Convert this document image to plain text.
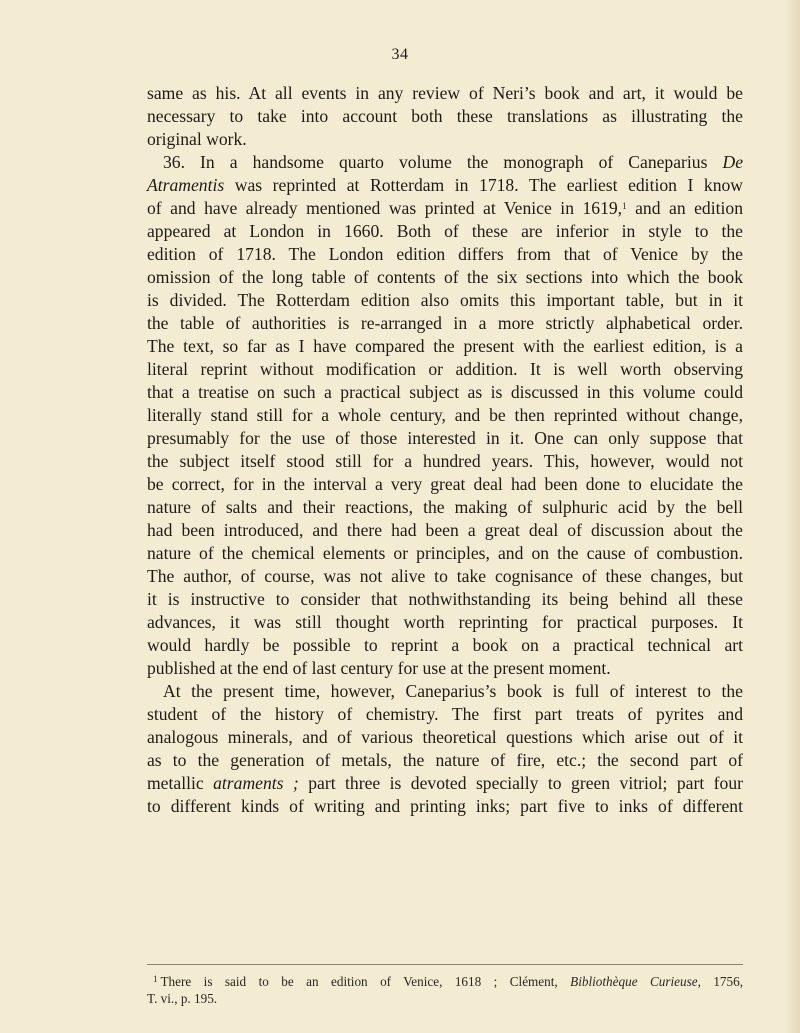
34
same as his. At all events in any review of Neri’s book and art, it would be
necessary to take into account both these translations as illustrating the
original work.
36. In a handsome quarto volume the monograph of Caneparius De
Atramentis was reprinted at Rotterdam in 1718. The earliest edition I know
of and have already mentioned was printed at Venice in 1619,$^1$ and an edition
appeared at London in 1660. Both of these are inferior in style to the
edition of 1718. The London edition differs from that of Venice by the
omission of the long table of contents of the six sections into which the book
is divided. The Rotterdam edition also omits this important table, but in it
the table of authorities is re-arranged in a more strictly alphabetical order.
The text, so far as I have compared the present with the earliest edition, is a
literal reprint without modification or addition. It is well worth observing
that a treatise on such a practical subject as is discussed in this volume could
literally stand still for a whole century, and be then reprinted without change,
presumably for the use of those interested in it. One can only suppose that
the subject itself stood still for a hundred years. This, however, would not
be correct, for in the interval a very great deal had been done to elucidate the
nature of salts and their reactions, the making of sulphuric acid by the bell
had been introduced, and there had been a great deal of discussion about the
nature of the chemical elements or principles, and on the cause of combustion.
The author, of course, was not alive to take cognisance of these changes, but
it is instructive to consider that nothwithstanding its being behind all these
advances, it was still thought worth reprinting for practical purposes. It
would hardly be possible to reprint a book on a practical technical art
published at the end of last century for use at the present moment.
At the present time, however, Caneparius’s book is full of interest to the
student of the history of chemistry. The first part treats of pyrites and
analogous minerals, and of various theoretical questions which arise out of it
as to the generation of metals, the nature of fire, etc.; the second part of
metallic atraments ; part three is devoted specially to green vitriol; part four
to different kinds of writing and printing inks; part five to inks of different
$^1$ There is said to be an edition of Venice, 1618 ; Clément, Bibliothèque Curieuse, 1756,
T. vi., p. 195.
